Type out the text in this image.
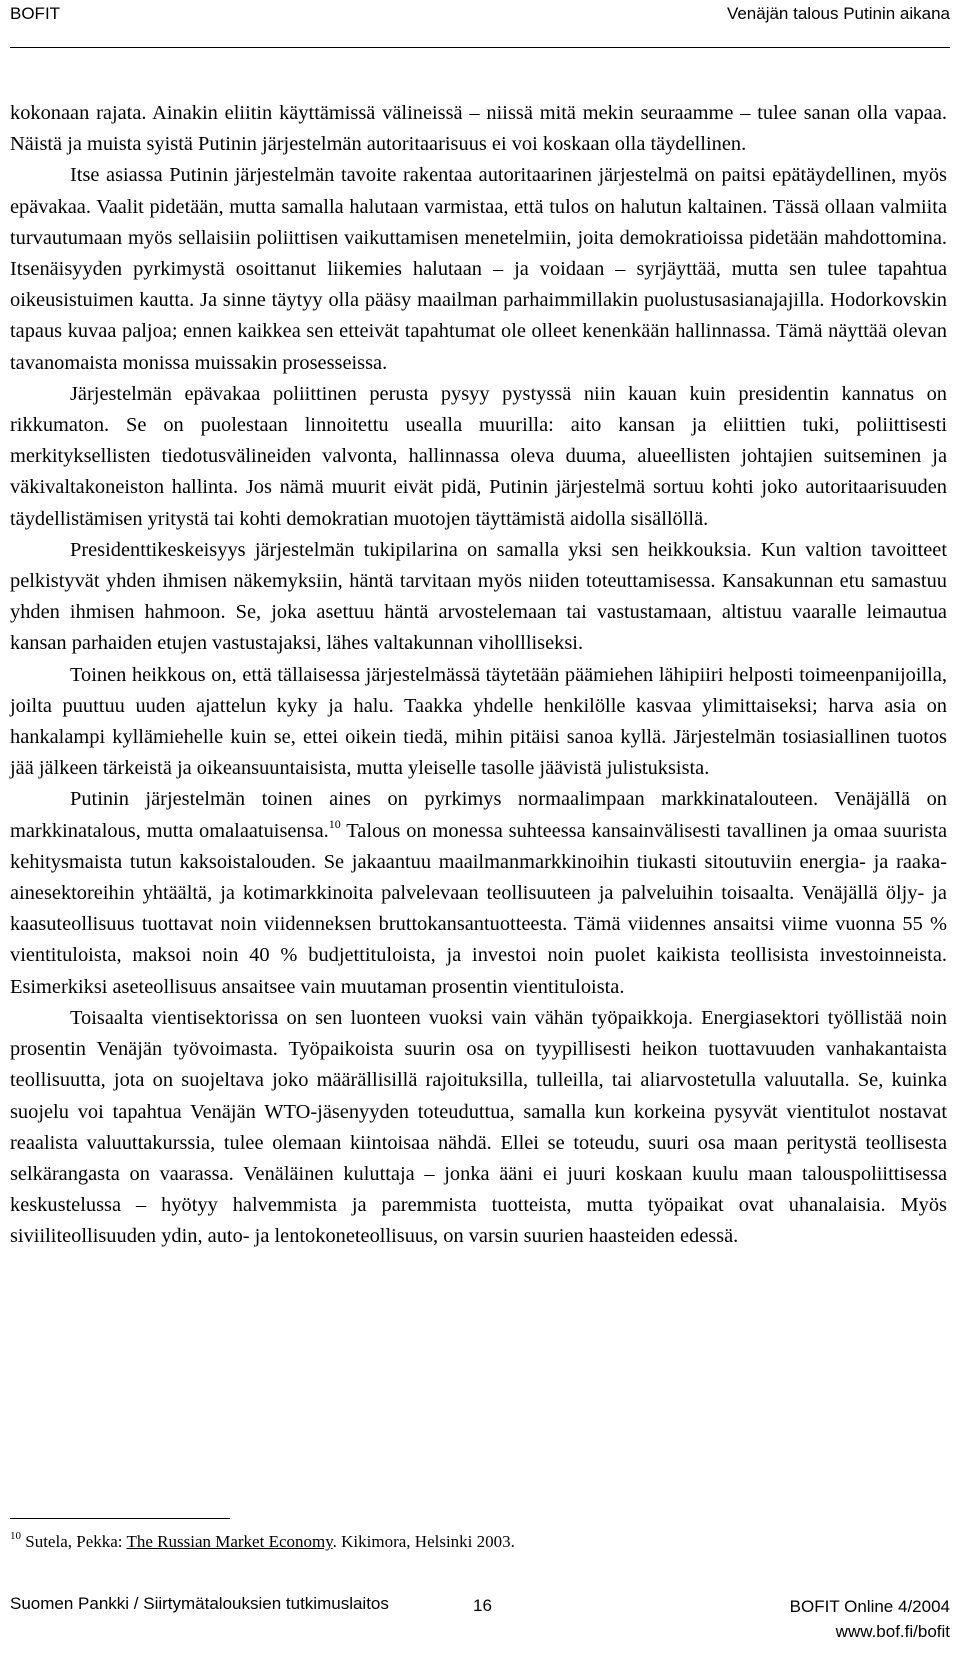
BOFIT	Venäjän talous Putinin aikana

kokonaan rajata. Ainakin eliitin käyttämissä välineissä – niissä mitä mekin seuraamme – tulee sanan olla vapaa. Näistä ja muista syistä Putinin järjestelmän autoritaarisuus ei voi koskaan olla täydellinen.

Itse asiassa Putinin järjestelmän tavoite rakentaa autoritaarinen järjestelmä on paitsi epätäydellinen, myös epävakaa. Vaalit pidetään, mutta samalla halutaan varmistaa, että tulos on halutun kaltainen. Tässä ollaan valmiita turvautumaan myös sellaisiin poliittisen vaikuttamisen menetelmiin, joita demokratioissa pidetään mahdottomina. Itsenäisyyden pyrkimystä osoittanut liikemies halutaan – ja voidaan – syrjäyttää, mutta sen tulee tapahtua oikeusistuimen kautta. Ja sinne täytyy olla pääsy maailman parhaimmillakin puolustusasianajajilla. Hodorkovskin tapaus kuvaa paljoa; ennen kaikkea sen etteivät tapahtumat ole olleet kenenkään hallinnassa. Tämä näyttää olevan tavanomaista monissa muissakin prosesseissa.

Järjestelmän epävakaa poliittinen perusta pysyy pystyssä niin kauan kuin presidentin kannatus on rikkumaton. Se on puolestaan linnoitettu usealla muurilla: aito kansan ja eliittien tuki, poliittisesti merkityksellisten tiedotusvälineiden valvonta, hallinnassa oleva duuma, alueellisten johtajien suitseminen ja väkivaltakoneiston hallinta. Jos nämä muurit eivät pidä, Putinin järjestelmä sortuu kohti joko autoritaarisuuden täydellistämisen yritystä tai kohti demokratian muotojen täyttämistä aidolla sisällöllä.

Presidenttikeskeisyys järjestelmän tukipilarina on samalla yksi sen heikkouksia. Kun valtion tavoitteet pelkistyvät yhden ihmisen näkemyksiin, häntä tarvitaan myös niiden toteuttamisessa. Kansakunnan etu samastuu yhden ihmisen hahmoon. Se, joka asettuu häntä arvostelemaan tai vastustamaan, altistuu vaaralle leimautua kansan parhaiden etujen vastustajaksi, lähes valtakunnan vihollliseksi.

Toinen heikkous on, että tällaisessa järjestelmässä täytetään päämiehen lähipiiri helposti toimeenpanijoilla, joilta puuttuu uuden ajattelun kyky ja halu. Taakka yhdelle henkilölle kasvaa ylimittaiseksi; harva asia on hankalampi kyllämiehelle kuin se, ettei oikein tiedä, mihin pitäisi sanoa kyllä. Järjestelmän tosiasiallinen tuotos jää jälkeen tärkeistä ja oikeansuuntaisista, mutta yleiselle tasolle jäävistä julistuksista.

Putinin järjestelmän toinen aines on pyrkimys normaalimpaan markkinatalouteen. Venäjällä on markkinatalous, mutta omalaatuisensa.$^{10}$ Talous on monessa suhteessa kansainvälisesti tavallinen ja omaa suurista kehitysmaista tutun kaksoistalouden. Se jakaantuu maailmanmarkkinoihin tiukasti sitoutuviin energia- ja raaka-ainesektoreihin yhtäältä, ja kotimarkkinoita palvelevaan teollisuuteen ja palveluihin toisaalta. Venäjällä öljy- ja kaasuteollisuus tuottavat noin viidenneksen bruttokansantuotteesta. Tämä viidennes ansaitsi viime vuonna 55 % vientituloista, maksoi noin 40 % budjettituloista, ja investoi noin puolet kaikista teollisista investoinneista. Esimerkiksi aseteollisuus ansaitsee vain muutaman prosentin vientituloista.

Toisaalta vientisektorissa on sen luonteen vuoksi vain vähän työpaikkoja. Energiasektori työllistää noin prosentin Venäjän työvoimasta. Työpaikoista suurin osa on tyypillisesti heikon tuottavuuden vanhakantaista teollisuutta, jota on suojeltava joko määrällisillä rajoituksilla, tulleilla, tai aliarvostetulla valuutalla. Se, kuinka suojelu voi tapahtua Venäjän WTO-jäsenyyden toteuduttua, samalla kun korkeina pysyvät vientitulot nostavat reaalista valuuttakurssia, tulee olemaan kiintoisaa nähdä. Ellei se toteudu, suuri osa maan peritystä teollisesta selkärangasta on vaarassa. Venäläinen kuluttaja – jonka ääni ei juuri koskaan kuulu maan talouspoliittisessa keskustelussa – hyötyy halvemmista ja paremmista tuotteista, mutta työpaikat ovat uhanalaisia. Myös siviiliteollisuuden ydin, auto- ja lentokoneteollisuus, on varsin suurien haasteiden edessä.

$^{10}$ Sutela, Pekka: The Russian Market Economy. Kikimora, Helsinki 2003.
Suomen Pankki / Siirtymätalouksien tutkimuslaitos	16	BOFIT Online 4/2004
www.bof.fi/bofit
